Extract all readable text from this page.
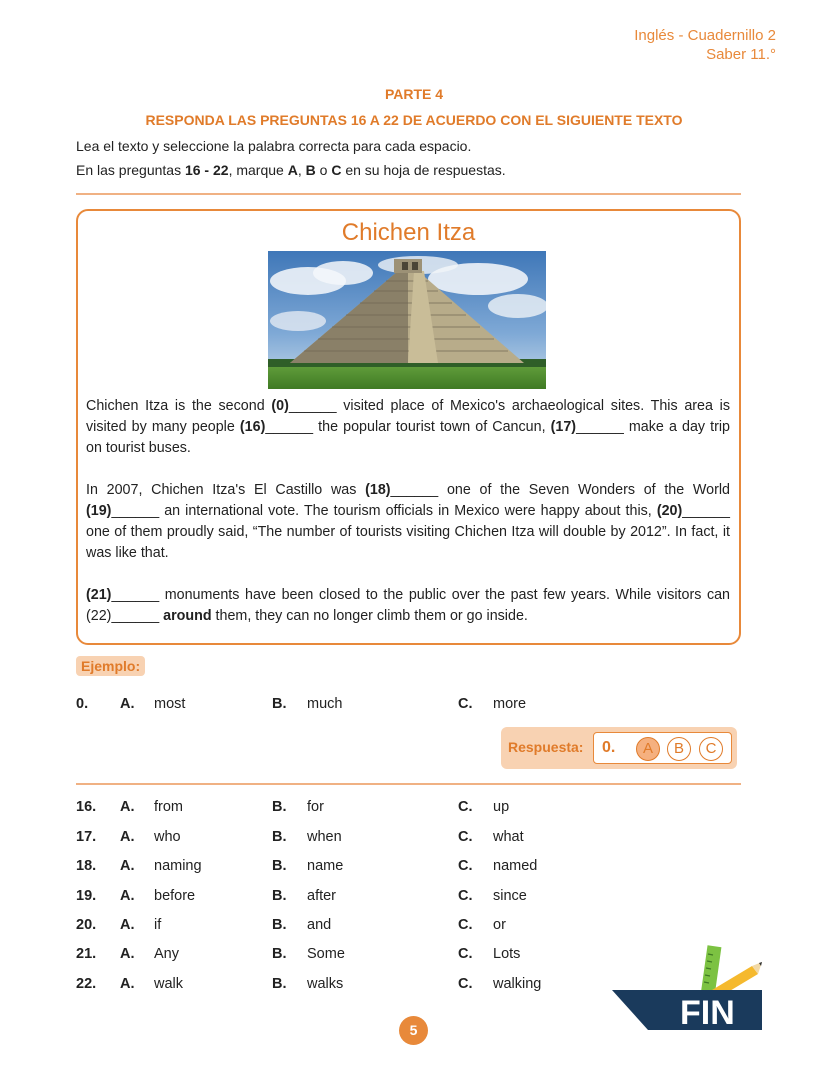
Inglés - Cuadernillo 2
Saber 11.°
PARTE 4
RESPONDA LAS PREGUNTAS 16 A 22 DE ACUERDO CON EL SIGUIENTE TEXTO
Lea el texto y seleccione la palabra correcta para cada espacio.
En las preguntas 16 - 22, marque A, B o C en su hoja de respuestas.
Chichen Itza
Chichen Itza is the second (0)______ visited place of Mexico's archaeological sites. This area is visited by many people (16)______ the popular tourist town of Cancun, (17)______ make a day trip on tourist buses.
In 2007, Chichen Itza's El Castillo was (18)______ one of the Seven Wonders of the World (19)______ an international vote. The tourism officials in Mexico were happy about this, (20)______ one of them proudly said, “The number of tourists visiting Chichen Itza will double by 2012”. In fact, it was like that.
(21)______ monuments have been closed to the public over the past few years. While visitors can (22)______ around them, they can no longer climb them or go inside.
Ejemplo:
0. A. most	B. much	C. more
Respuesta: 0.	A	B	C
16. A. from	B. for	C. up
17. A. who	B. when	C. what
18. A. naming	B. name	C. named
19. A. before	B. after	C. since
20. A. if	B. and	C. or
21. A. Any	B. Some	C. Lots
22. A. walk	B. walks	C. walking
FIN
5
